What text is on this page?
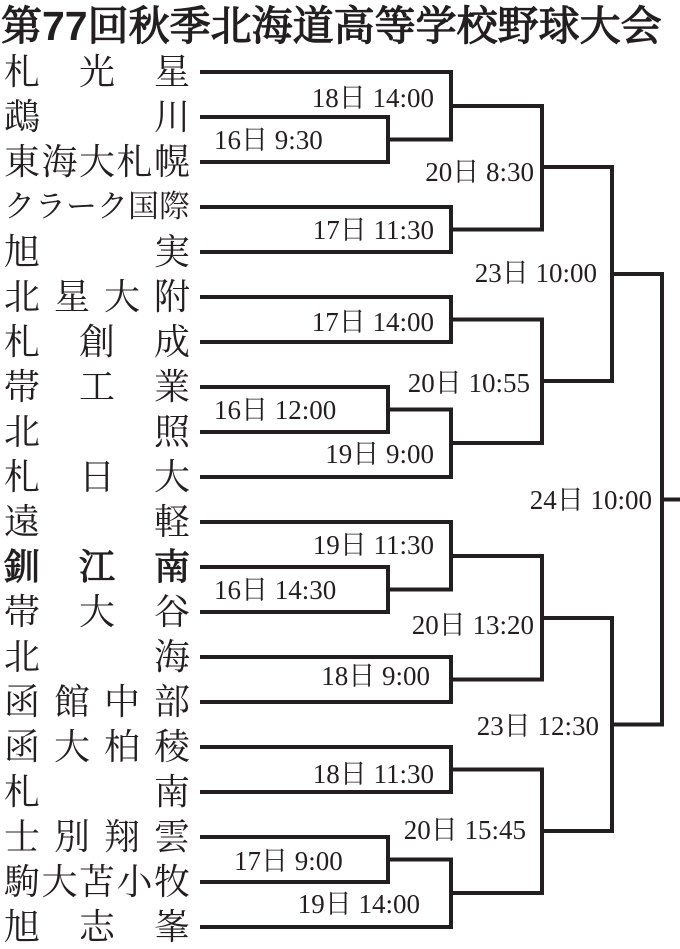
第77回秋季北海道高等学校野球大会
札 光 星
鵡	川
東 海 大 札 幌
ク ラ ー ク 国 際
旭	実
北 星 大 附
札 創 成
帯 工 業
北	照
札 日 大
遠	軽
釧 江 南
帯 大 谷
北	海
函 館 中 部
函 大 柏 稜
札	南
士 別 翔 雲
駒 大 苫 小 牧
旭 志 峯
18日 14:00
16日 9:30
20日 8:30
17日 11:30
23日 10:00
17日 14:00
20日 10:55
16日 12:00
19日 9:00
24日 10:00
19日 11:30
16日 14:30
20日 13:20
18日 9:00
23日 12:30
18日 11:30
20日 15:45
17日 9:00
19日 14:00
